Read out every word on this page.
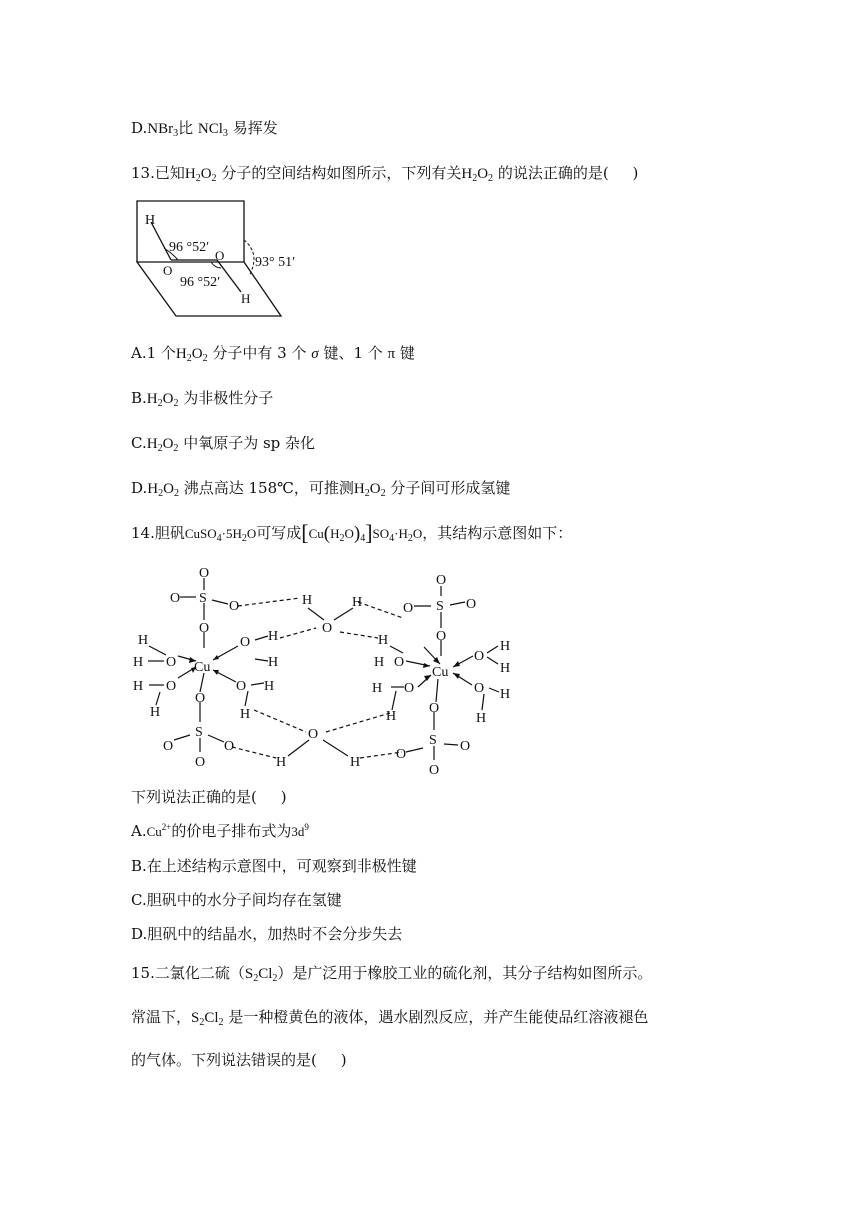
D.NBr$_3$比 NCl$_3$ 易挥发
13.已知$H_2O_2$ 分子的空间结构如图所示，下列有关$H_2O_2$ 的说法正确的是( )
H
96 °52′
O
O
93° 51′
96 °52′
H
A.1 个$H_2O_2$ 分子中有 3 个 σ 键、1 个 π 键
$B.H_2O_2$ 为非极性分子
$C.H_2O_2$ 中氧原子为 sp 杂化
$D.H_2O_2$ 沸点高达 158℃，可推测$H_2O_2$ 分子间可形成氢键
14.胆矾$CuSO_4\cdot 5H_2O$可写成$[Cu(H_2O)_4]SO_4\cdot H_2O$，其结构示意图如下：
O
S
O
O
O
H
H O Cu
O H
H
H O
H
O H
H
O
S
O	O
O	H
H
O
H
O
S
O	O
O
H
H O
Cu
O
H
H
H O
H
O H
H
O
S
O
O
O
O
H
下列说法正确的是( )
$A.Cu^{2+}$的价电子排布式为$3d^9$
B.在上述结构示意图中，可观察到非极性键
C.胆矾中的水分子间均存在氢键
D.胆矾中的结晶水，加热时不会分步失去
15.二氯化二硫$(S_2Cl_2)$是广泛用于橡胶工业的硫化剂，其分子结构如图所示。
常温下，$S_2Cl_2$ 是一种橙黄色的液体，遇水剧烈反应，并产生能使品红溶液褪色
的气体。下列说法错误的是( )
